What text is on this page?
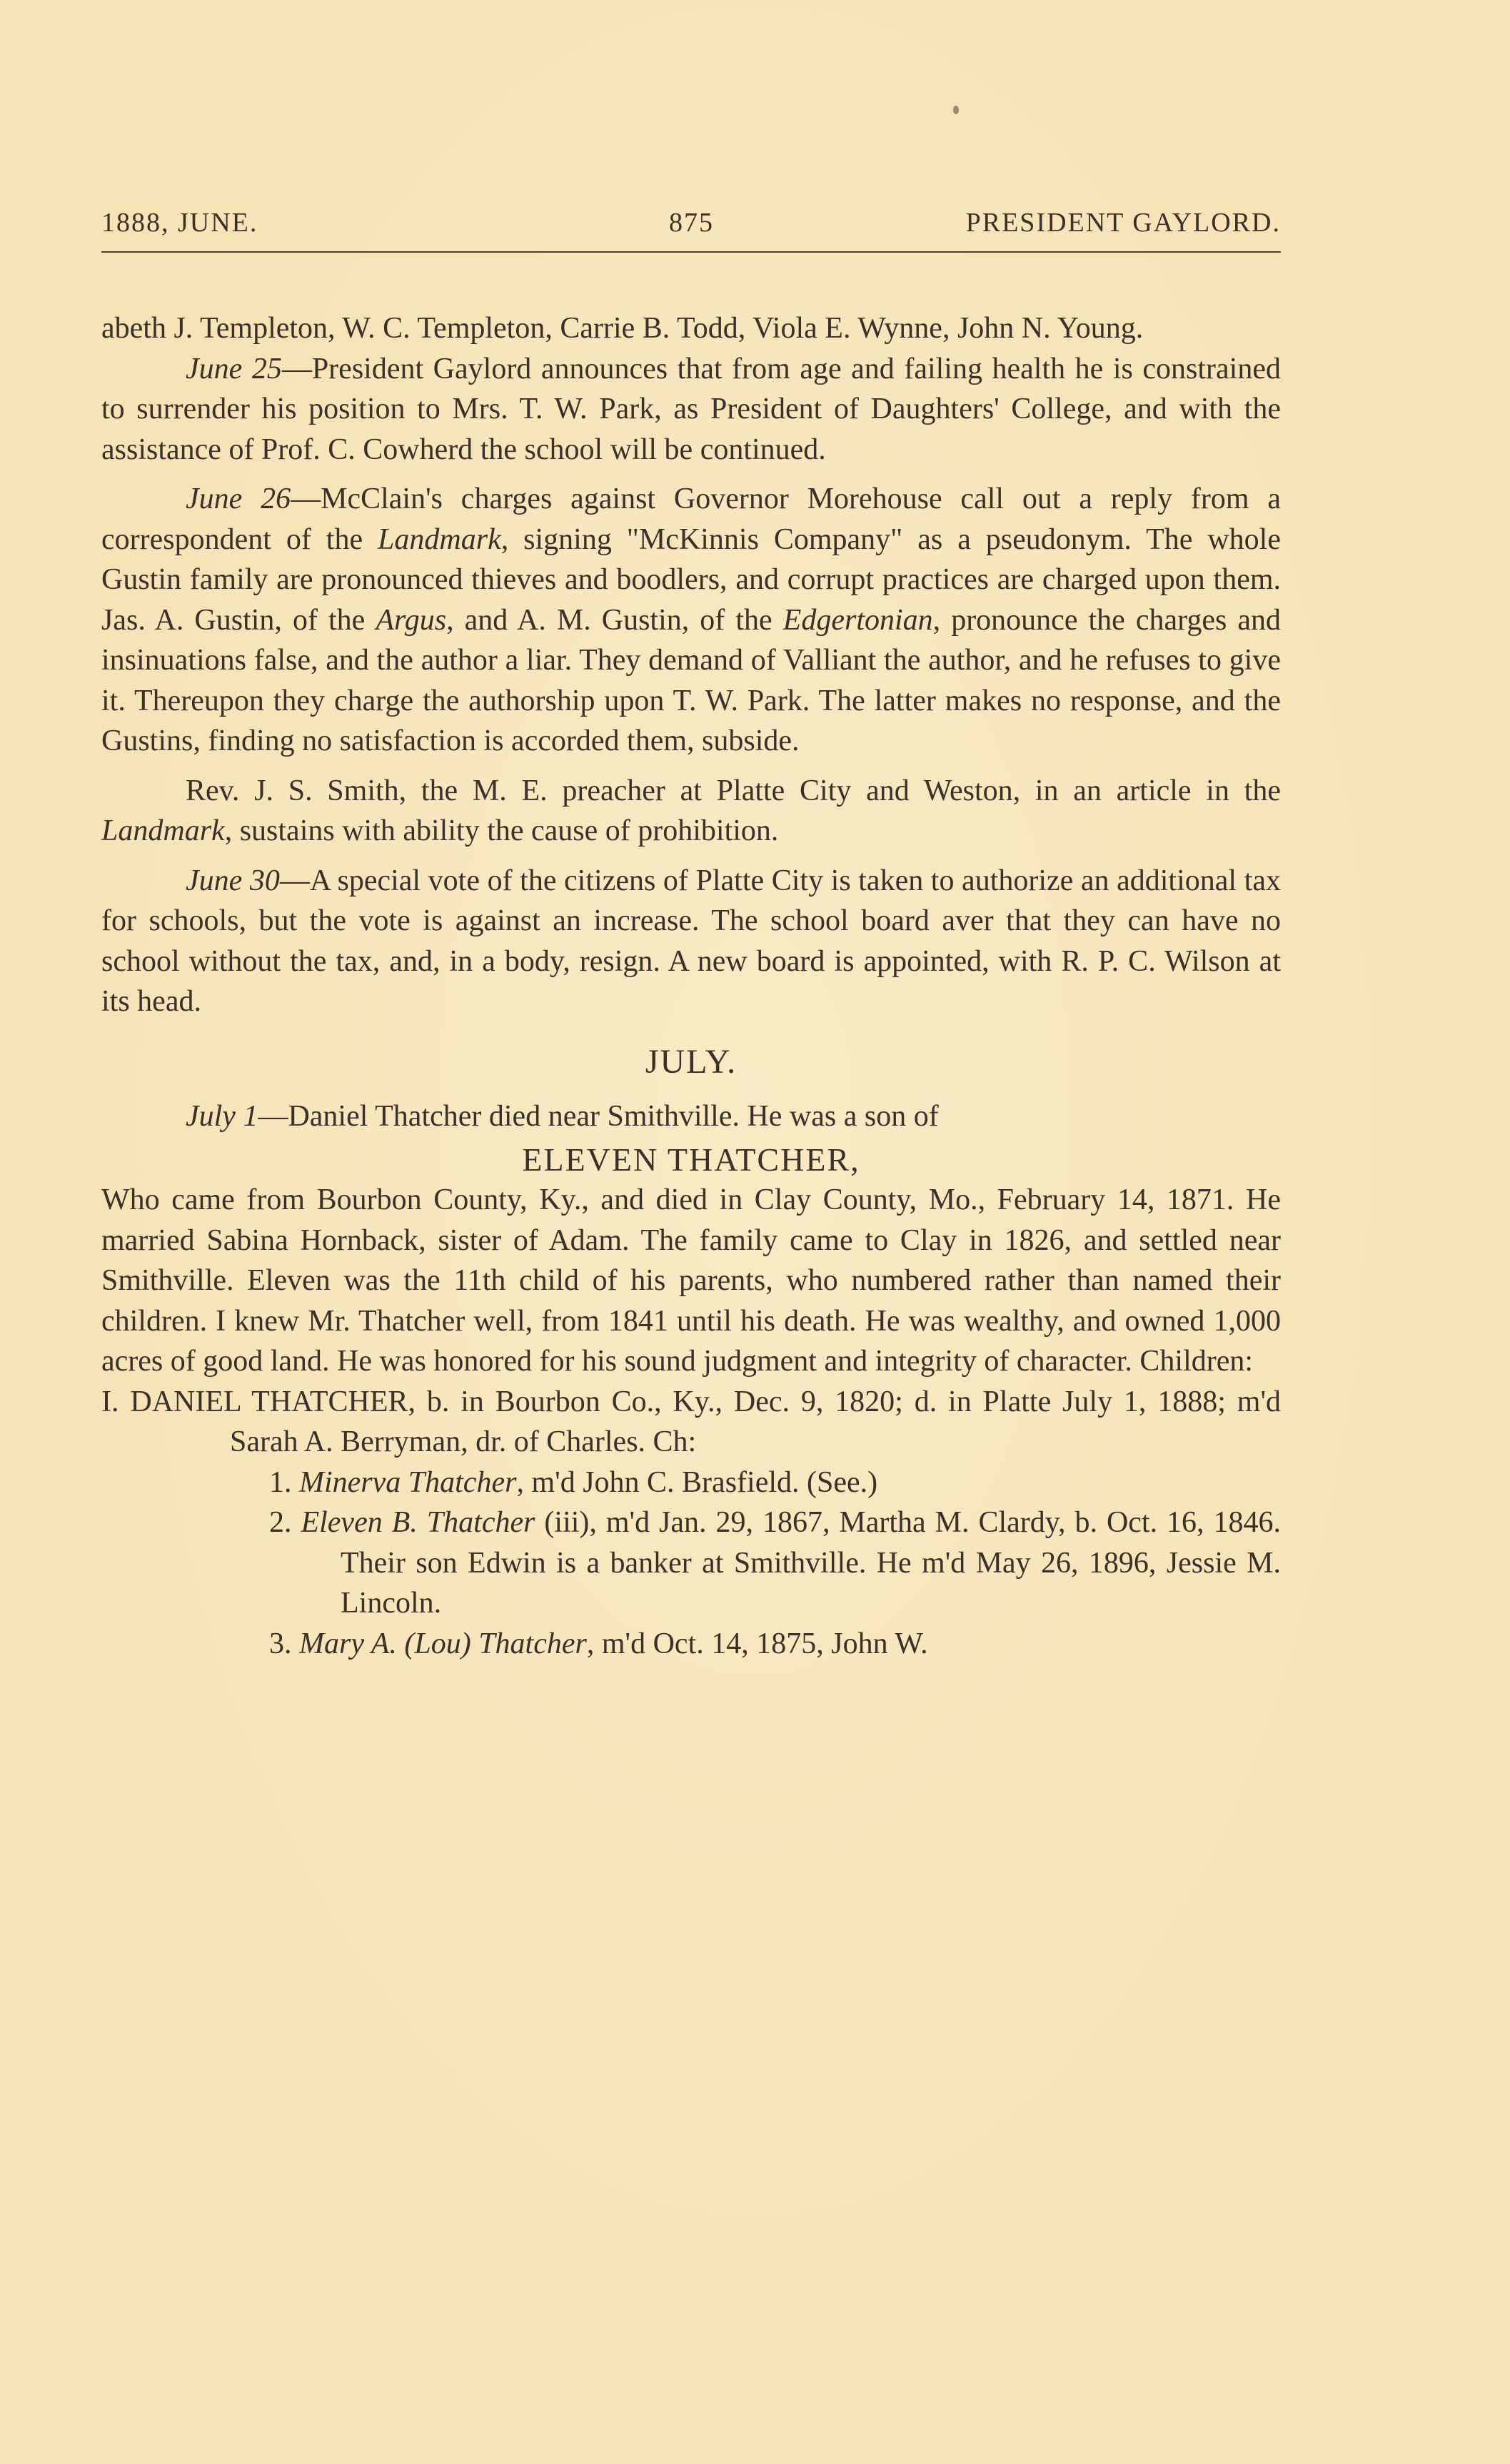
1888, JUNE.	875	PRESIDENT GAYLORD.

abeth J. Templeton, W. C. Templeton, Carrie B. Todd, Viola E. Wynne, John N. Young.

June 25—President Gaylord announces that from age and failing health he is constrained to surrender his position to Mrs. T. W. Park, as President of Daughters' College, and with the assistance of Prof. C. Cowherd the school will be continued.

June 26—McClain's charges against Governor Morehouse call out a reply from a correspondent of the Landmark, signing "McKinnis Company" as a pseudonym. The whole Gustin family are pronounced thieves and boodlers, and corrupt practices are charged upon them. Jas. A. Gustin, of the Argus, and A. M. Gustin, of the Edgertonian, pronounce the charges and insinuations false, and the author a liar. They demand of Valliant the author, and he refuses to give it. Thereupon they charge the authorship upon T. W. Park. The latter makes no response, and the Gustins, finding no satisfaction is accorded them, subside.

Rev. J. S. Smith, the M. E. preacher at Platte City and Weston, in an article in the Landmark, sustains with ability the cause of prohibition.

June 30—A special vote of the citizens of Platte City is taken to authorize an additional tax for schools, but the vote is against an increase. The school board aver that they can have no school without the tax, and, in a body, resign. A new board is appointed, with R. P. C. Wilson at its head.

JULY.

July 1—Daniel Thatcher died near Smithville. He was a son of

ELEVEN THATCHER,

Who came from Bourbon County, Ky., and died in Clay County, Mo., February 14, 1871. He married Sabina Hornback, sister of Adam. The family came to Clay in 1826, and settled near Smithville. Eleven was the 11th child of his parents, who numbered rather than named their children. I knew Mr. Thatcher well, from 1841 until his death. He was wealthy, and owned 1,000 acres of good land. He was honored for his sound judgment and integrity of character. Children:

I. DANIEL THATCHER, b. in Bourbon Co., Ky., Dec. 9, 1820; d. in Platte July 1, 1888; m'd Sarah A. Berryman, dr. of Charles. Ch:

1. Minerva Thatcher, m'd John C. Brasfield. (See.)

2. Eleven B. Thatcher (iii), m'd Jan. 29, 1867, Martha M. Clardy, b. Oct. 16, 1846. Their son Edwin is a banker at Smithville. He m'd May 26, 1896, Jessie M. Lincoln.

3. Mary A. (Lou) Thatcher, m'd Oct. 14, 1875, John W.
